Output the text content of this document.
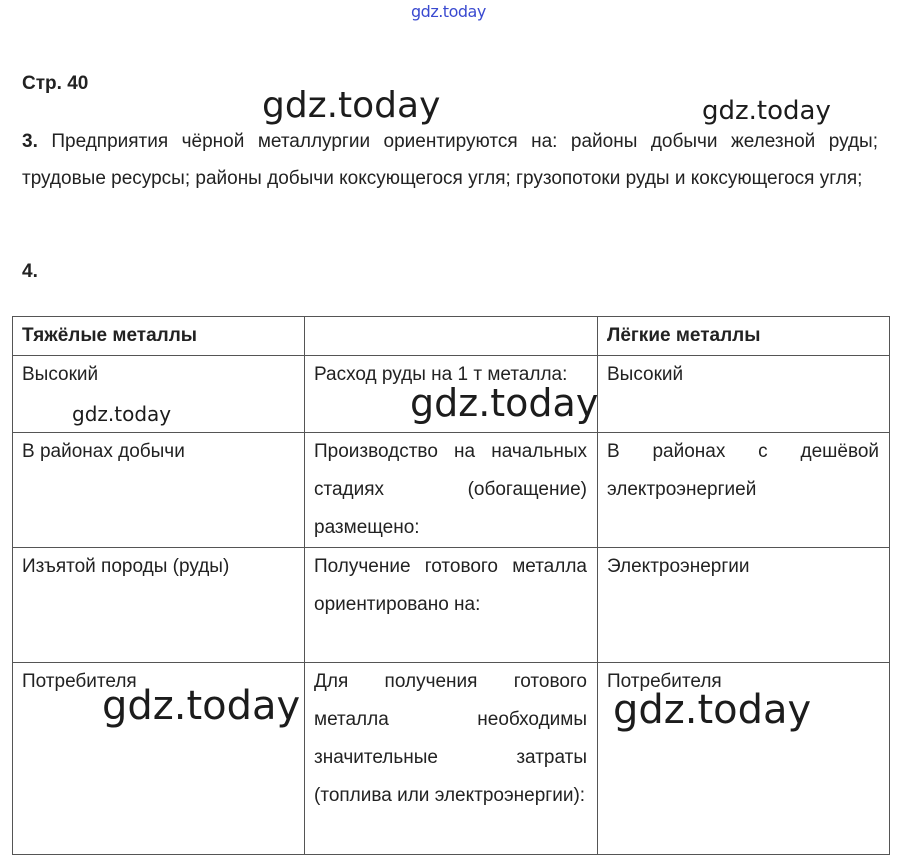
gdz.today
Стр. 40

3. Предприятия чёрной металлургии ориентируются на: районы добычи железной руды; трудовые ресурсы; районы добычи коксующегося угля; грузопотоки руды и коксующегося угля;

4.
Тяжёлые металлы		Лёгкие металлы
Высокий	Расход руды на 1 т металла:	Высокий
В районах добычи	Производство на начальных стадиях (обогащение) размещено:	В районах с дешёвой электроэнергией
Изъятой породы (руды)	Получение готового металла ориентировано на:	Электроэнергии
Потребителя	Для получения готового металла необходимы значительные затраты (топлива или электроэнергии):	Потребителя
gdz.today	gdz.today
gdz.today	gdz.today
gdz.today	gdz.today
